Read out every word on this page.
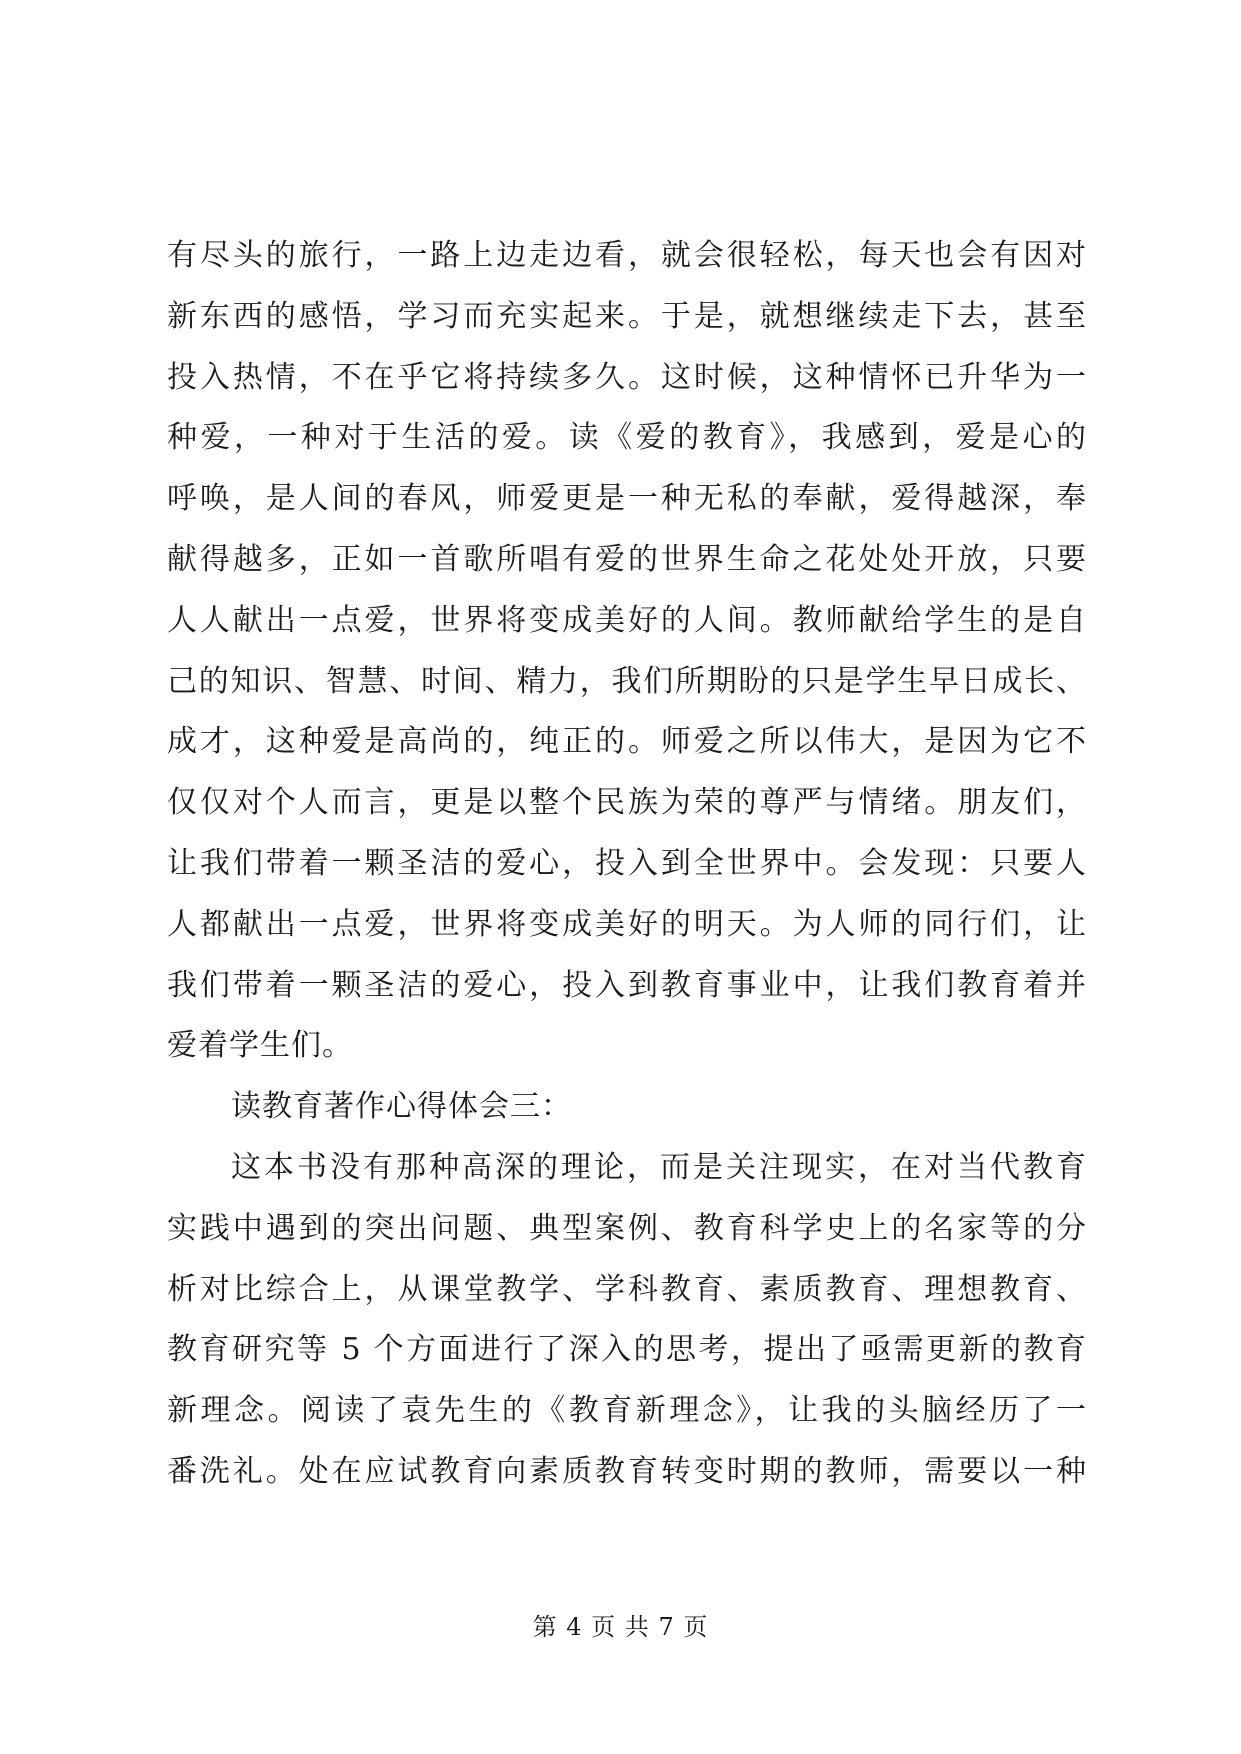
有尽头的旅行，一路上边走边看，就会很轻松，每天也会有因对
新东西的感悟，学习而充实起来。于是，就想继续走下去，甚至
投入热情，不在乎它将持续多久。这时候，这种情怀已升华为一
种爱，一种对于生活的爱。读《爱的教育》，我感到，爱是心的
呼唤，是人间的春风，师爱更是一种无私的奉献，爱得越深，奉
献得越多，正如一首歌所唱有爱的世界生命之花处处开放，只要
人人献出一点爱，世界将变成美好的人间。教师献给学生的是自
己的知识、智慧、时间、精力，我们所期盼的只是学生早日成长、
成才，这种爱是高尚的，纯正的。师爱之所以伟大，是因为它不
仅仅对个人而言，更是以整个民族为荣的尊严与情绪。朋友们，
让我们带着一颗圣洁的爱心，投入到全世界中。会发现：只要人
人都献出一点爱，世界将变成美好的明天。为人师的同行们，让
我们带着一颗圣洁的爱心，投入到教育事业中，让我们教育着并
爱着学生们。
读教育著作心得体会三：
这本书没有那种高深的理论，而是关注现实，在对当代教育
实践中遇到的突出问题、典型案例、教育科学史上的名家等的分
析对比综合上，从课堂教学、学科教育、素质教育、理想教育、
教育研究等 5 个方面进行了深入的思考，提出了亟需更新的教育
新理念。阅读了袁先生的《教育新理念》，让我的头脑经历了一
番洗礼。处在应试教育向素质教育转变时期的教师，需要以一种
第 4 页 共 7 页
